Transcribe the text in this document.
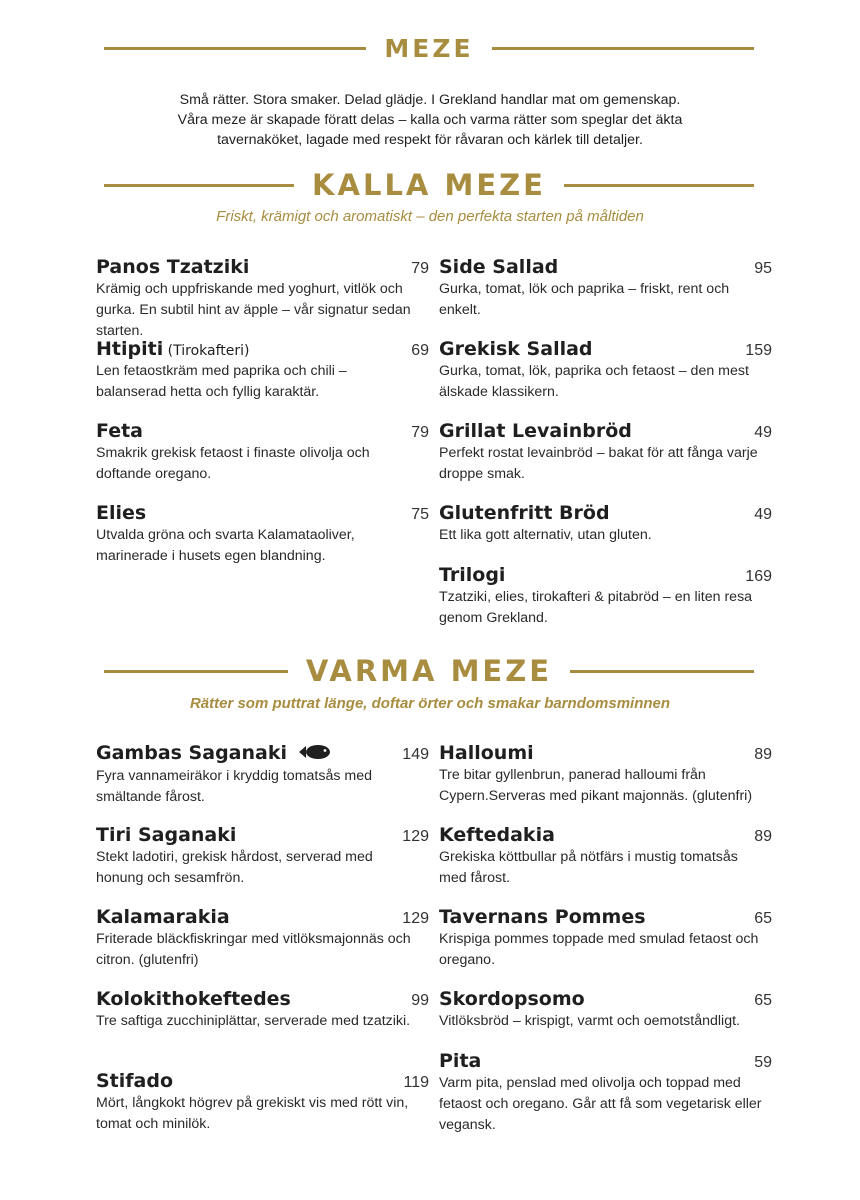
MEZE
Små rätter. Stora smaker. Delad glädje. I Grekland handlar mat om gemenskap.
Våra meze är skapade föratt delas – kalla och varma rätter som speglar det äkta
tavernaköket, lagade med respekt för råvaran och kärlek till detaljer.
KALLA MEZE
Friskt, krämigt och aromatiskt – den perfekta starten på måltiden
Panos Tzatziki	79
Krämig och uppfriskande med yoghurt, vitlök och gurka. En subtil hint av äpple – vår signatur sedan starten.
Htipiti (Tirokafteri)	69
Len fetaostkräm med paprika och chili – balanserad hetta och fyllig karaktär.
Feta	79
Smakrik grekisk fetaost i finaste olivolja och doftande oregano.
Elies	75
Utvalda gröna och svarta Kalamataoliver, marinerade i husets egen blandning.
Side Sallad	95
Gurka, tomat, lök och paprika – friskt, rent och enkelt.
Grekisk Sallad	159
Gurka, tomat, lök, paprika och fetaost – den mest älskade klassikern.
Grillat Levainbröd	49
Perfekt rostat levainbröd – bakat för att fånga varje droppe smak.
Glutenfritt Bröd	49
Ett lika gott alternativ, utan gluten.
Trilogi	169
Tzatziki, elies, tirokafteri & pitabröd – en liten resa genom Grekland.
VARMA MEZE
Rätter som puttrat länge, doftar örter och smakar barndomsminnen
Gambas Saganaki	149
Fyra vannameiräkor i kryddig tomatsås med smältande fårost.
Tiri Saganaki	129
Stekt ladotiri, grekisk hårdost, serverad med honung och sesamfrön.
Kalamarakia	129
Friterade bläckfiskringar med vitlöksmajonnäs och citron. (glutenfri)
Kolokithokeftedes	99
Tre saftiga zucchiniplättar, serverade med tzatziki.
Stifado	119
Mört, långkokt högrev på grekiskt vis med rött vin, tomat och minilök.
Halloumi	89
Tre bitar gyllenbrun, panerad halloumi från Cypern.Serveras med pikant majonnäs. (glutenfri)
Keftedakia	89
Grekiska köttbullar på nötfärs i mustig tomatsås med fårost.
Tavernans Pommes	65
Krispiga pommes toppade med smulad fetaost och oregano.
Skordopsomo	65
Vitlöksbröd – krispigt, varmt och oemotståndligt.
Pita	59
Varm pita, penslad med olivolja och toppad med fetaost och oregano. Går att få som vegetarisk eller vegansk.
